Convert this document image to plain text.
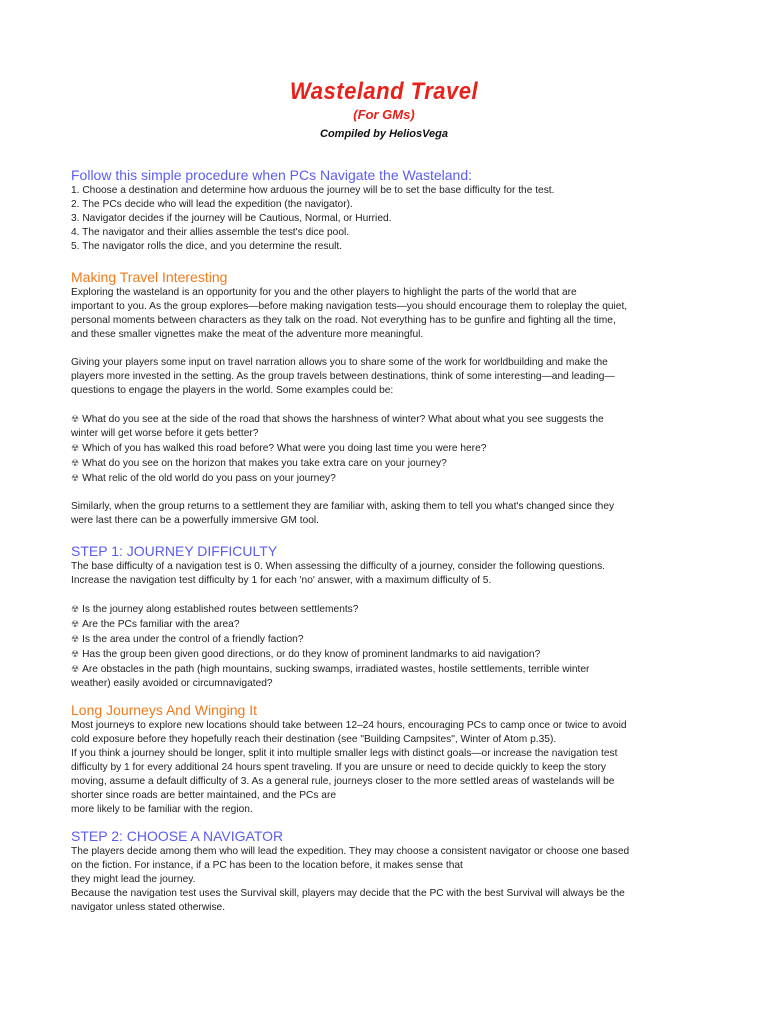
Wasteland Travel
(For GMs)
Compiled by HeliosVega
Follow this simple procedure when PCs Navigate the Wasteland:
1. Choose a destination and determine how arduous the journey will be to set the base difficulty for the test.
2. The PCs decide who will lead the expedition (the navigator).
3. Navigator decides if the journey will be Cautious, Normal, or Hurried.
4. The navigator and their allies assemble the test's dice pool.
5. The navigator rolls the dice, and you determine the result.
Making Travel Interesting
Exploring the wasteland is an opportunity for you and the other players to highlight the parts of the world that are
important to you. As the group explores—before making navigation tests—you should encourage them to roleplay the quiet,
personal moments between characters as they talk on the road. Not everything has to be gunfire and fighting all the time,
and these smaller vignettes make the meat of the adventure more meaningful.
Giving your players some input on travel narration allows you to share some of the work for worldbuilding and make the
players more invested in the setting. As the group travels between destinations, think of some interesting—and leading—
questions to engage the players in the world. Some examples could be:
☢ What do you see at the side of the road that shows the harshness of winter? What about what you see suggests the
winter will get worse before it gets better?
☢ Which of you has walked this road before? What were you doing last time you were here?
☢ What do you see on the horizon that makes you take extra care on your journey?
☢ What relic of the old world do you pass on your journey?
Similarly, when the group returns to a settlement they are familiar with, asking them to tell you what's changed since they
were last there can be a powerfully immersive GM tool.
STEP 1: JOURNEY DIFFICULTY
The base difficulty of a navigation test is 0. When assessing the difficulty of a journey, consider the following questions.
Increase the navigation test difficulty by 1 for each 'no' answer, with a maximum difficulty of 5.
☢ Is the journey along established routes between settlements?
☢ Are the PCs familiar with the area?
☢ Is the area under the control of a friendly faction?
☢ Has the group been given good directions, or do they know of prominent landmarks to aid navigation?
☢ Are obstacles in the path (high mountains, sucking swamps, irradiated wastes, hostile settlements, terrible winter
weather) easily avoided or circumnavigated?
Long Journeys And Winging It
Most journeys to explore new locations should take between 12–24 hours, encouraging PCs to camp once or twice to avoid
cold exposure before they hopefully reach their destination (see "Building Campsites", Winter of Atom p.35).
If you think a journey should be longer, split it into multiple smaller legs with distinct goals—or increase the navigation test
difficulty by 1 for every additional 24 hours spent traveling. If you are unsure or need to decide quickly to keep the story
moving, assume a default difficulty of 3. As a general rule, journeys closer to the more settled areas of wastelands will be
shorter since roads are better maintained, and the PCs are
more likely to be familiar with the region.
STEP 2: CHOOSE A NAVIGATOR
The players decide among them who will lead the expedition. They may choose a consistent navigator or choose one based
on the fiction. For instance, if a PC has been to the location before, it makes sense that
they might lead the journey.
Because the navigation test uses the Survival skill, players may decide that the PC with the best Survival will always be the
navigator unless stated otherwise.
